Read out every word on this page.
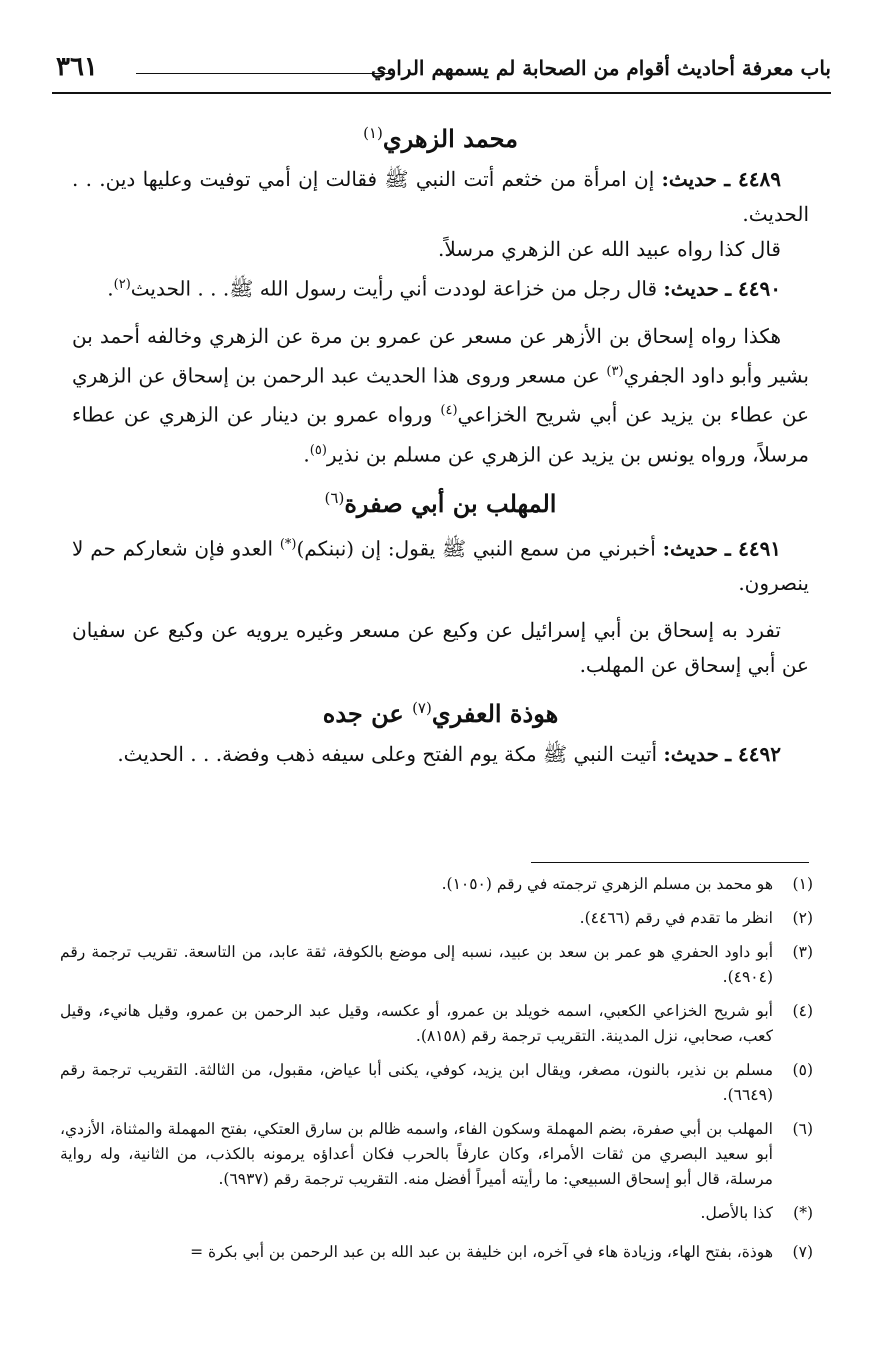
باب معرفة أحاديث أقوام من الصحابة لم يسمهم الراوي
٣٦١
محمد الزهري$^{(١)}$

٤٤٨٩ ـ حديث: إن امرأة من خثعم أتت النبي ﷺ فقالت إن أمي توفيت وعليها دين. . . الحديث.

قال كذا رواه عبيد الله عن الزهري مرسلاً.

٤٤٩٠ ـ حديث: قال رجل من خزاعة لوددت أني رأيت رسول الله ﷺ. . . الحديث$^{(٢)}$.

هكذا رواه إسحاق بن الأزهر عن مسعر عن عمرو بن مرة عن الزهري وخالفه أحمد بن بشير وأبو داود الجفري$^{(٣)}$ عن مسعر وروى هذا الحديث عبد الرحمن بن إسحاق عن الزهري عن عطاء بن يزيد عن أبي شريح الخزاعي$^{(٤)}$ ورواه عمرو بن دينار عن الزهري عن عطاء مرسلاً، ورواه يونس بن يزيد عن الزهري عن مسلم بن نذير$^{(٥)}$.

المهلب بن أبي صفرة$^{(٦)}$

٤٤٩١ ـ حديث: أخبرني من سمع النبي ﷺ يقول: إن (نبنكم)(*) العدو فإن شعاركم حم لا ينصرون.

تفرد به إسحاق بن أبي إسرائيل عن وكيع عن مسعر وغيره يرويه عن وكيع عن سفيان عن أبي إسحاق عن المهلب.

هوذة العفري$^{(٧)}$ عن جده

٤٤٩٢ ـ حديث: أتيت النبي ﷺ مكة يوم الفتح وعلى سيفه ذهب وفضة. . . الحديث.

(١)
هو محمد بن مسلم الزهري ترجمته في رقم (١٠٥٠).
(٢)
انظر ما تقدم في رقم (٤٤٦٦).
(٣)
أبو داود الحفري هو عمر بن سعد بن عبيد، نسبه إلى موضع بالكوفة، ثقة عابد، من التاسعة. تقريب ترجمة رقم (٤٩٠٤).
(٤)
أبو شريح الخزاعي الكعبي، اسمه خويلد بن عمرو، أو عكسه، وقيل عبد الرحمن بن عمرو، وقيل هانيء، وقيل كعب، صحابي، نزل المدينة. التقريب ترجمة رقم (٨١٥٨).
(٥)
مسلم بن نذير، بالنون، مصغر، ويقال ابن يزيد، كوفي، يكنى أبا عياض، مقبول، من الثالثة. التقريب ترجمة رقم (٦٦٤٩).
(٦)
المهلب بن أبي صفرة، بضم المهملة وسكون الفاء، واسمه ظالم بن سارق العتكي، بفتح المهملة والمثناة، الأزدي، أبو سعيد البصري من ثقات الأمراء، وكان عارفاً بالحرب فكان أعداؤه يرمونه بالكذب، من الثانية، وله رواية مرسلة، قال أبو إسحاق السبيعي: ما رأيته أميراً أفضل منه. التقريب ترجمة رقم (٦٩٣٧).
(*)
كذا بالأصل.
(٧)
هوذة، بفتح الهاء، وزيادة هاء في آخره، ابن خليفة بن عبد الله بن عبد الرحمن بن أبي بكرة =
